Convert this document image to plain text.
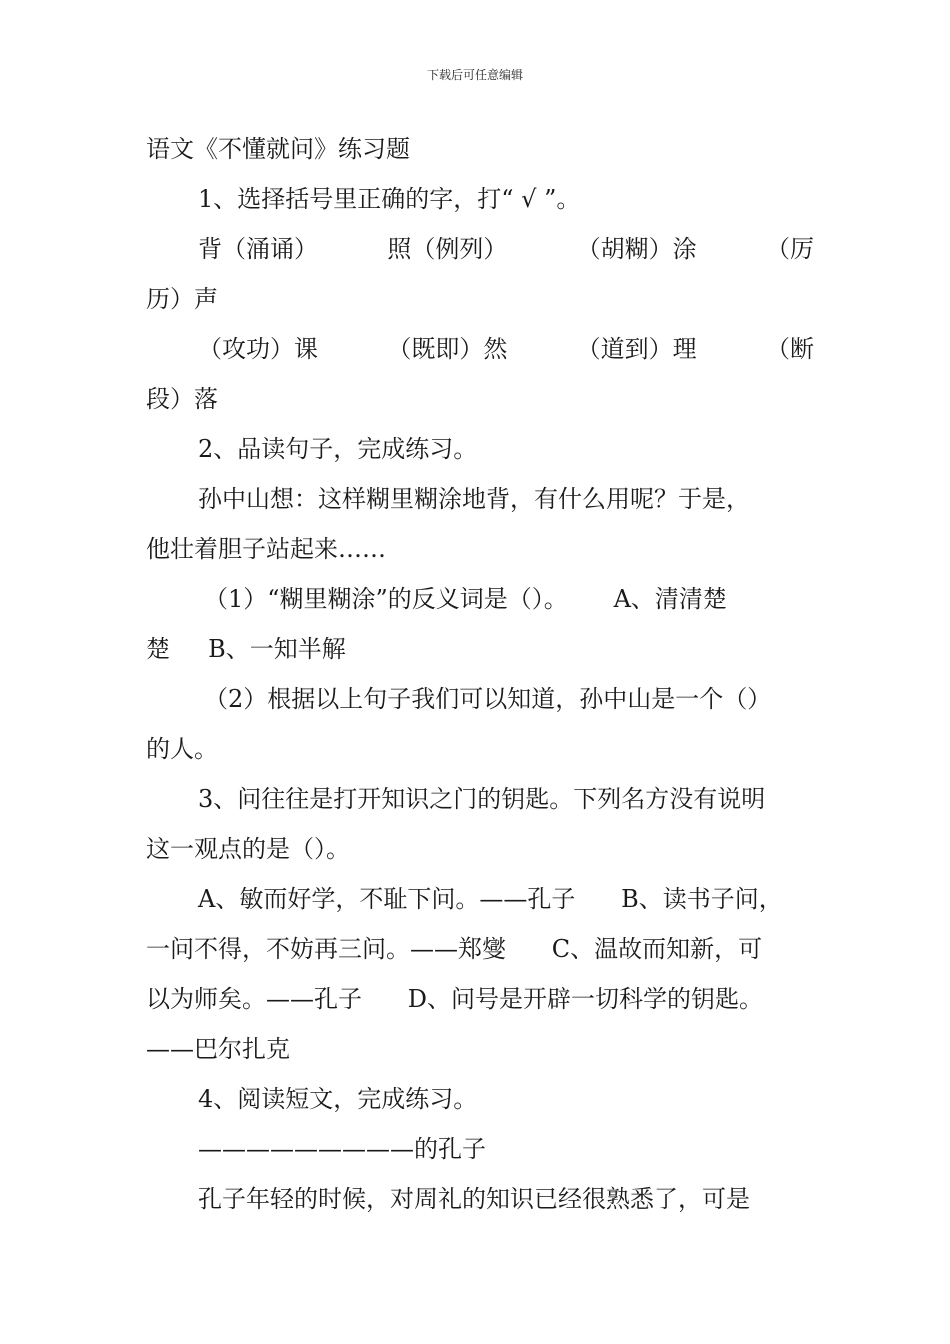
下载后可任意编辑
语文《不懂就问》练习题
1、选择括号里正确的字，打“ √ ”。
背（涌诵）	照（例列）	（胡糊）涂	（厉
历）声
（攻功）课	（既即）然	（道到）理	（断
段）落
2、品读句子，完成练习。
孙中山想：这样糊里糊涂地背，有什么用呢？于是，
他壮着胆子站起来……
（1）“糊里糊涂”的反义词是（）。      A、清清楚
楚     B、一知半解
（2）根据以上句子我们可以知道，孙中山是一个（）
的人。
3、问往往是打开知识之门的钥匙。下列名方没有说明
这一观点的是（）。
A、敏而好学，不耻下问。——孔子      B、读书子问，
一问不得，不妨再三问。——郑燮      C、温故而知新，可
以为师矣。——孔子      D、问号是开辟一切科学的钥匙。
——巴尔扎克
4、阅读短文，完成练习。
—————————的孔子
孔子年轻的时候，对周礼的知识已经很熟悉了，可是
